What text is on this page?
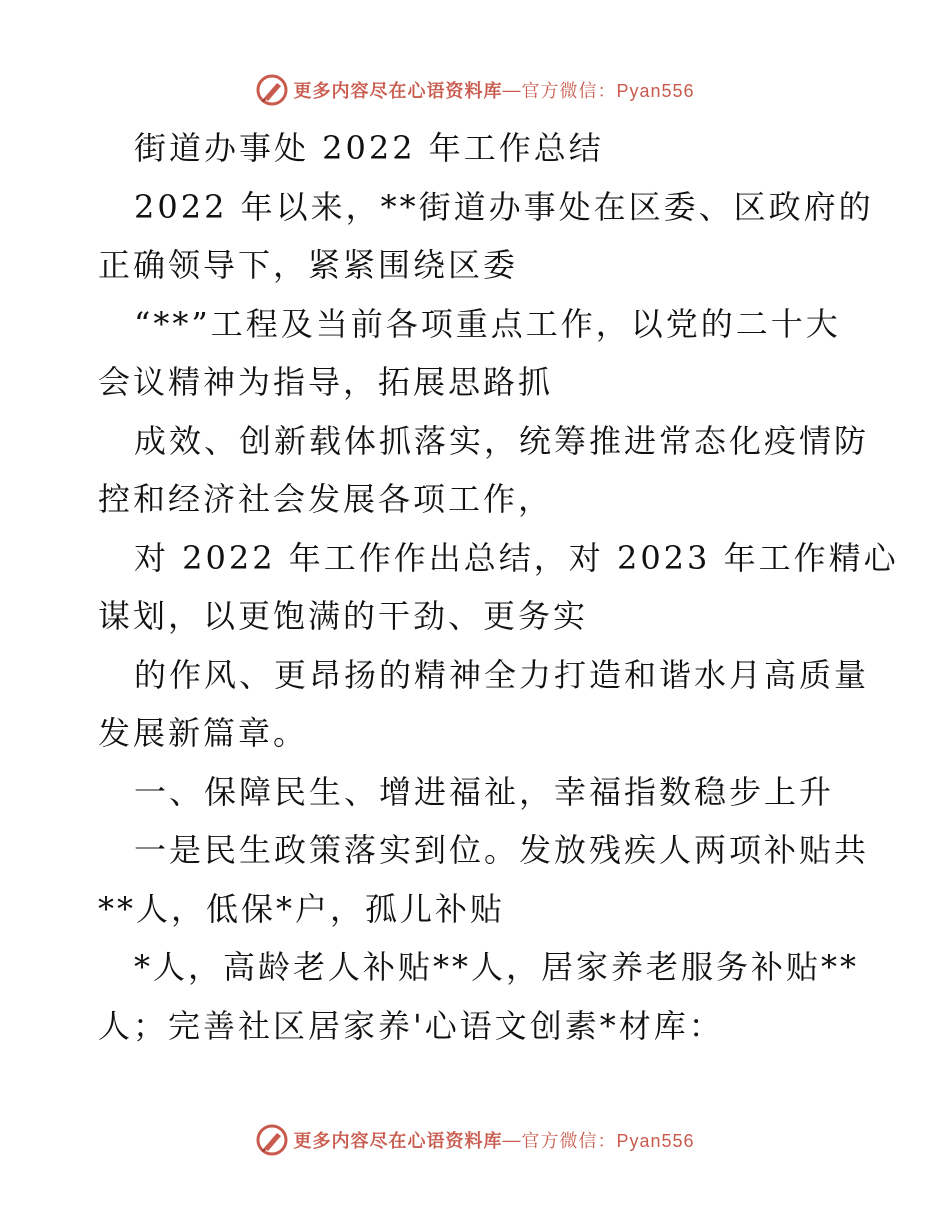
更多内容尽在心语资料库 — 官方微信：Pyan556
街道办事处 2022 年工作总结
2022 年以来，**街道办事处在区委、区政府的
正确领导下，紧紧围绕区委
“**”工程及当前各项重点工作，以党的二十大
会议精神为指导，拓展思路抓
成效、创新载体抓落实，统筹推进常态化疫情防
控和经济社会发展各项工作，
对 2022 年工作作出总结，对 2023 年工作精心
谋划，以更饱满的干劲、更务实
的作风、更昂扬的精神全力打造和谐水月高质量
发展新篇章。
一、保障民生、增进福祉，幸福指数稳步上升
一是民生政策落实到位。发放残疾人两项补贴共
**人，低保*户，孤儿补贴
*人，高龄老人补贴**人，居家养老服务补贴**
人；完善社区居家养'心语文创素*材库：
更多内容尽在心语资料库 — 官方微信：Pyan556
